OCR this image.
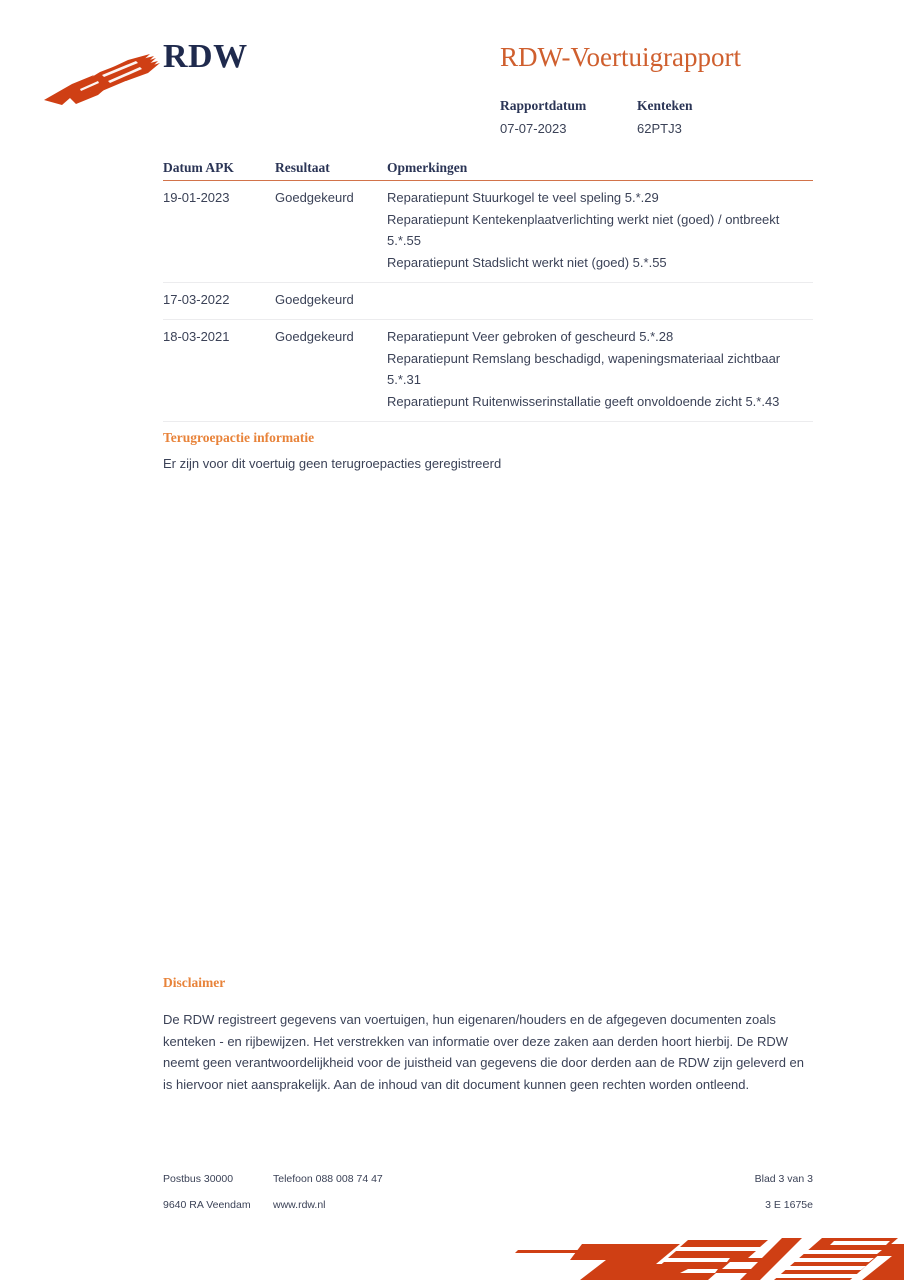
RDW	RDW-Voertuigrapport
Rapportdatum
07-07-2023
Kenteken
62PTJ3
Datum APK	Resultaat	Opmerkingen
19-01-2023	Goedgekeurd	Reparatiepunt Stuurkogel te veel speling 5.*.29
Reparatiepunt Kentekenplaatverlichting werkt niet (goed) / ontbreekt 5.*.55
Reparatiepunt Stadslicht werkt niet (goed) 5.*.55
17-03-2022	Goedgekeurd
18-03-2021	Goedgekeurd	Reparatiepunt Veer gebroken of gescheurd 5.*.28
Reparatiepunt Remslang beschadigd, wapeningsmateriaal zichtbaar 5.*.31
Reparatiepunt Ruitenwisserinstallatie geeft onvoldoende zicht 5.*.43
Terugroepactie informatie
Er zijn voor dit voertuig geen terugroepacties geregistreerd
Disclaimer
De RDW registreert gegevens van voertuigen, hun eigenaren/houders en de afgegeven documenten zoals kenteken - en rijbewijzen. Het verstrekken van informatie over deze zaken aan derden hoort hierbij. De RDW neemt geen verantwoordelijkheid voor de juistheid van gegevens die door derden aan de RDW zijn geleverd en is hiervoor niet aansprakelijk. Aan de inhoud van dit document kunnen geen rechten worden ontleend.
Postbus 30000
9640 RA Veendam
Telefoon 088 008 74 47
www.rdw.nl
Blad 3 van 3
3 E 1675e
